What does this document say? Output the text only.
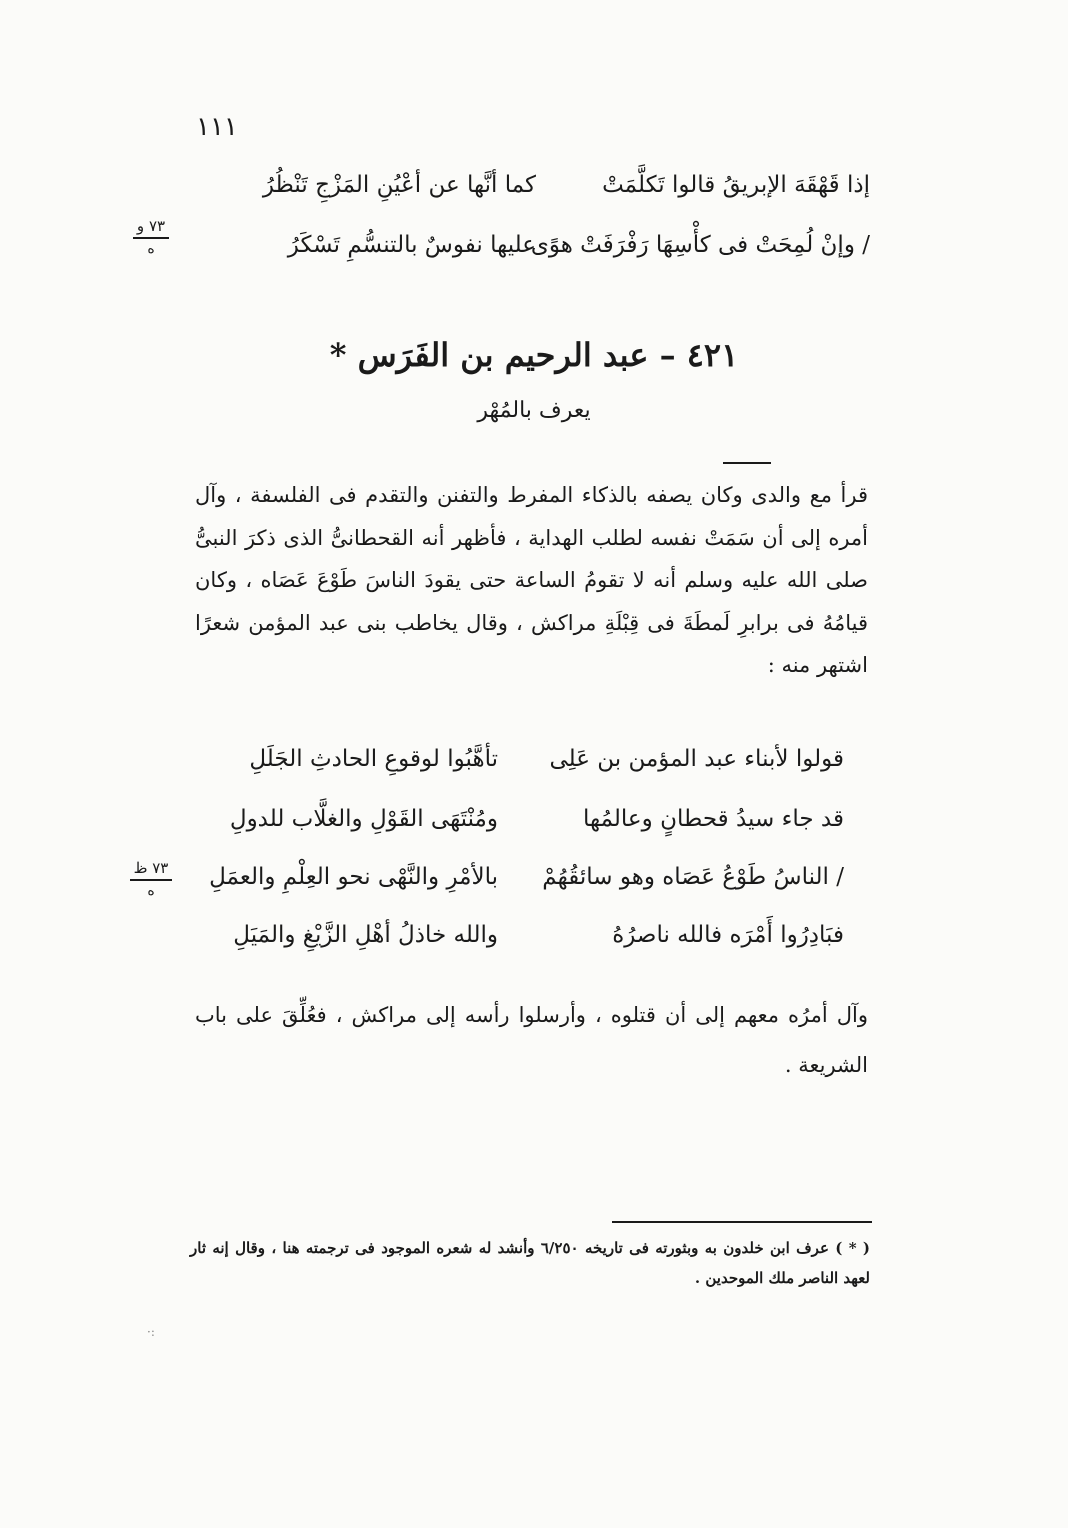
١١١
إذا قَهْقَهَ الإبريقُ قالوا تَكلَّمَتْ
كما أنَّها عن أعْيُنِ المَزْجِ تَنْظُرُ
/ وإنْ لُمِحَتْ فى كأْسِهَا رَفْرَفَتْ هوًى
عليها نفوسٌ بالتنسُّمِ تَسْكَرُ
٧٣ و
ه
٤٢١ – عبد الرحيم بن الفَرَس *
يعرف بالمُهْر
قرأ مع والدى وكان يصفه بالذكاء المفرط والتفنن والتقدم فى الفلسفة ، وآل أمره إلى أن سَمَتْ نفسه لطلب الهداية ، فأظهر أنه القحطانىُّ الذى ذكرَ النبىُّ صلى الله عليه وسلم أنه لا تقومُ الساعة حتى يقودَ الناسَ طَوْعَ عَصَاه ، وكان قيامُهُ فى برابرِ لَمطَةَ فى قِبْلَةِ مراكش ، وقال يخاطب بنى عبد المؤمن شعرًا اشتهر منه :
قولوا لأبناء عبد المؤمن بن عَلِى
تأهَّبُوا لوقوعِ الحادثِ الجَلَلِ
قد جاء سيدُ قحطانٍ وعالمُها
ومُنْتَهَى القَوْلِ والغلَّاب للدولِ
/ الناسُ طَوْعُ عَصَاه وهو سائقُهُمْ
بالأمْرِ والنَّهْى نحو العِلْمِ والعمَلِ
فبَادِرُوا أَمْرَه فالله ناصرُهُ
والله خاذلُ أهْلِ الزَّيْغِ والمَيَلِ
٧٣ ظ
ه
وآل أمرُه معهم إلى أن قتلوه ، وأرسلوا رأسه إلى مراكش ، فعُلِّقَ على باب الشريعة .
( * ) عرف ابن خلدون به وبثورته فى تاريخه ٦/٢٥٠ وأنشد له شعره الموجود فى ترجمته هنا ، وقال إنه ثار لعهد الناصر ملك الموحدين .
·:
